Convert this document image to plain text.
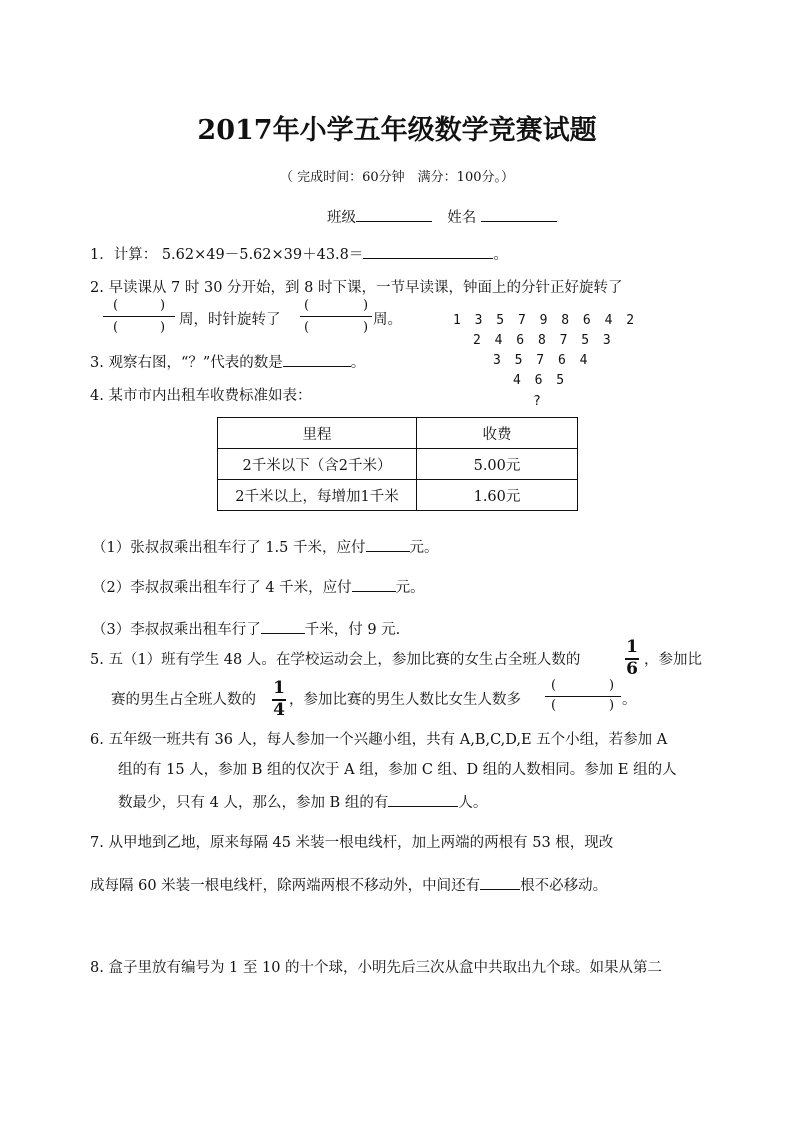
2017年小学五年级数学竞赛试题
（ 完成时间：60分钟　满分：100分。）
班级	姓名
1．计算： 5.62×49－5.62×39＋43.8＝	。
2. 早读课从 7 时 30 分开始，到 8 时下课，一节早读课，钟面上的分针正好旋转了
(	)
(	) 周，时针旋转了
(	)
(	) 周。	1 3 5 7 9 8 6 4 2
2 4 6 8 7 5 3
3 5 7 6 4
4 6 5
?
3. 观察右图，“？”代表的数是	。
4. 某市市内出租车收费标准如表：
里程	收费
2千米以下（含2千米）	5.00元
2千米以上，每增加1千米	1.60元
（1）张叔叔乘出租车行了 1.5 千米，应付	元。
（2）李叔叔乘出租车行了 4 千米，应付	元。
（3）李叔叔乘出租车行了	千米，付 9 元.
5. 五（1）班有学生 48 人。在学校运动会上，参加比赛的女生占全班人数的
1
6 ，参加比
赛的男生占全班人数的
1
4 ，参加比赛的男生人数比女生人数多
(	)
(	) 。
6. 五年级一班共有 36 人，每人参加一个兴趣小组，共有 A,B,C,D,E 五个小组，若参加 A
组的有 15 人，参加 B 组的仅次于 A 组，参加 C 组、D 组的人数相同。参加 E 组的人
数最少，只有 4 人，那么，参加 B 组的有	人。
7. 从甲地到乙地，原来每隔 45 米装一根电线杆，加上两端的两根有 53 根，现改
成每隔 60 米装一根电线杆，除两端两根不移动外，中间还有	根不必移动。
8. 盒子里放有编号为 1 至 10 的十个球，小明先后三次从盒中共取出九个球。如果从第二
